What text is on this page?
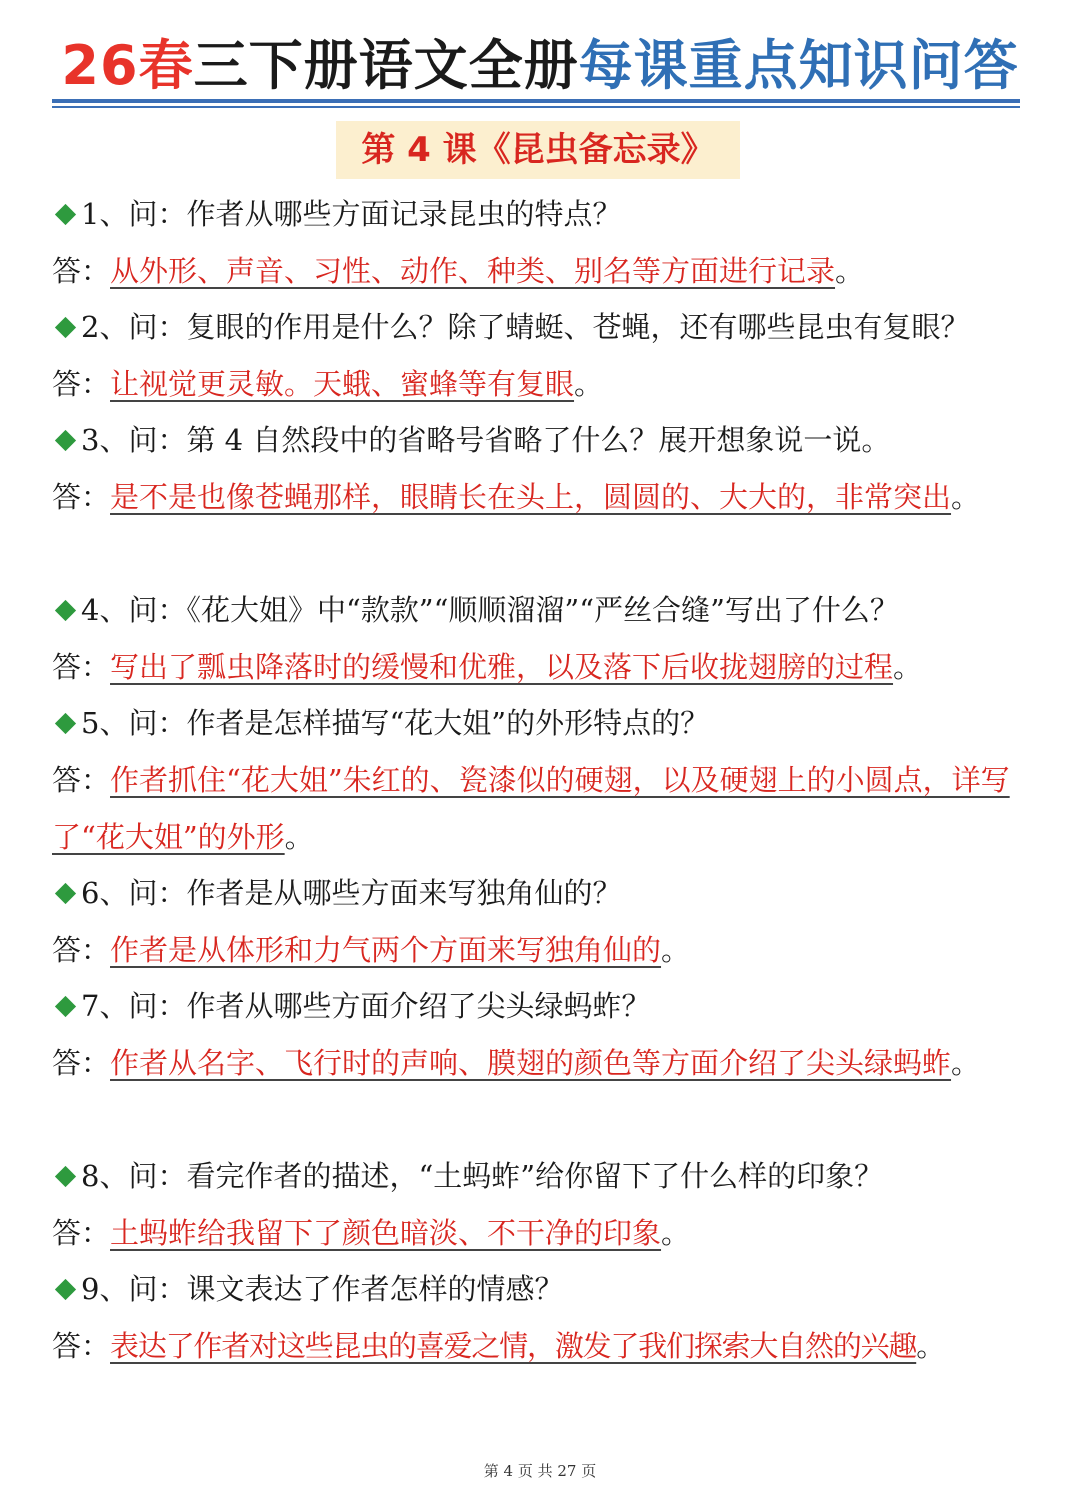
26春三下册语文全册每课重点知识问答
第 4 课《昆虫备忘录》
1、问：作者从哪些方面记录昆虫的特点？
答：从外形、声音、习性、动作、种类、别名等方面进行记录。
2、问：复眼的作用是什么？除了蜻蜓、苍蝇，还有哪些昆虫有复眼？
答：让视觉更灵敏。天蛾、蜜蜂等有复眼。
3、问：第 4 自然段中的省略号省略了什么？展开想象说一说。
答：是不是也像苍蝇那样，眼睛长在头上，圆圆的、大大的，非常突出。
4、问：《花大姐》中“款款”“顺顺溜溜”“严丝合缝”写出了什么？
答：写出了瓢虫降落时的缓慢和优雅，以及落下后收拢翅膀的过程。
5、问：作者是怎样描写“花大姐”的外形特点的？
答：作者抓住“花大姐”朱红的、瓷漆似的硬翅，以及硬翅上的小圆点，详写了“花大姐”的外形。
6、问：作者是从哪些方面来写独角仙的？
答：作者是从体形和力气两个方面来写独角仙的。
7、问：作者从哪些方面介绍了尖头绿蚂蚱？
答：作者从名字、飞行时的声响、膜翅的颜色等方面介绍了尖头绿蚂蚱。
8、问：看完作者的描述，“土蚂蚱”给你留下了什么样的印象？
答：土蚂蚱给我留下了颜色暗淡、不干净的印象。
9、问：课文表达了作者怎样的情感？
答：表达了作者对这些昆虫的喜爱之情，激发了我们探索大自然的兴趣。
第 4 页 共 27 页
